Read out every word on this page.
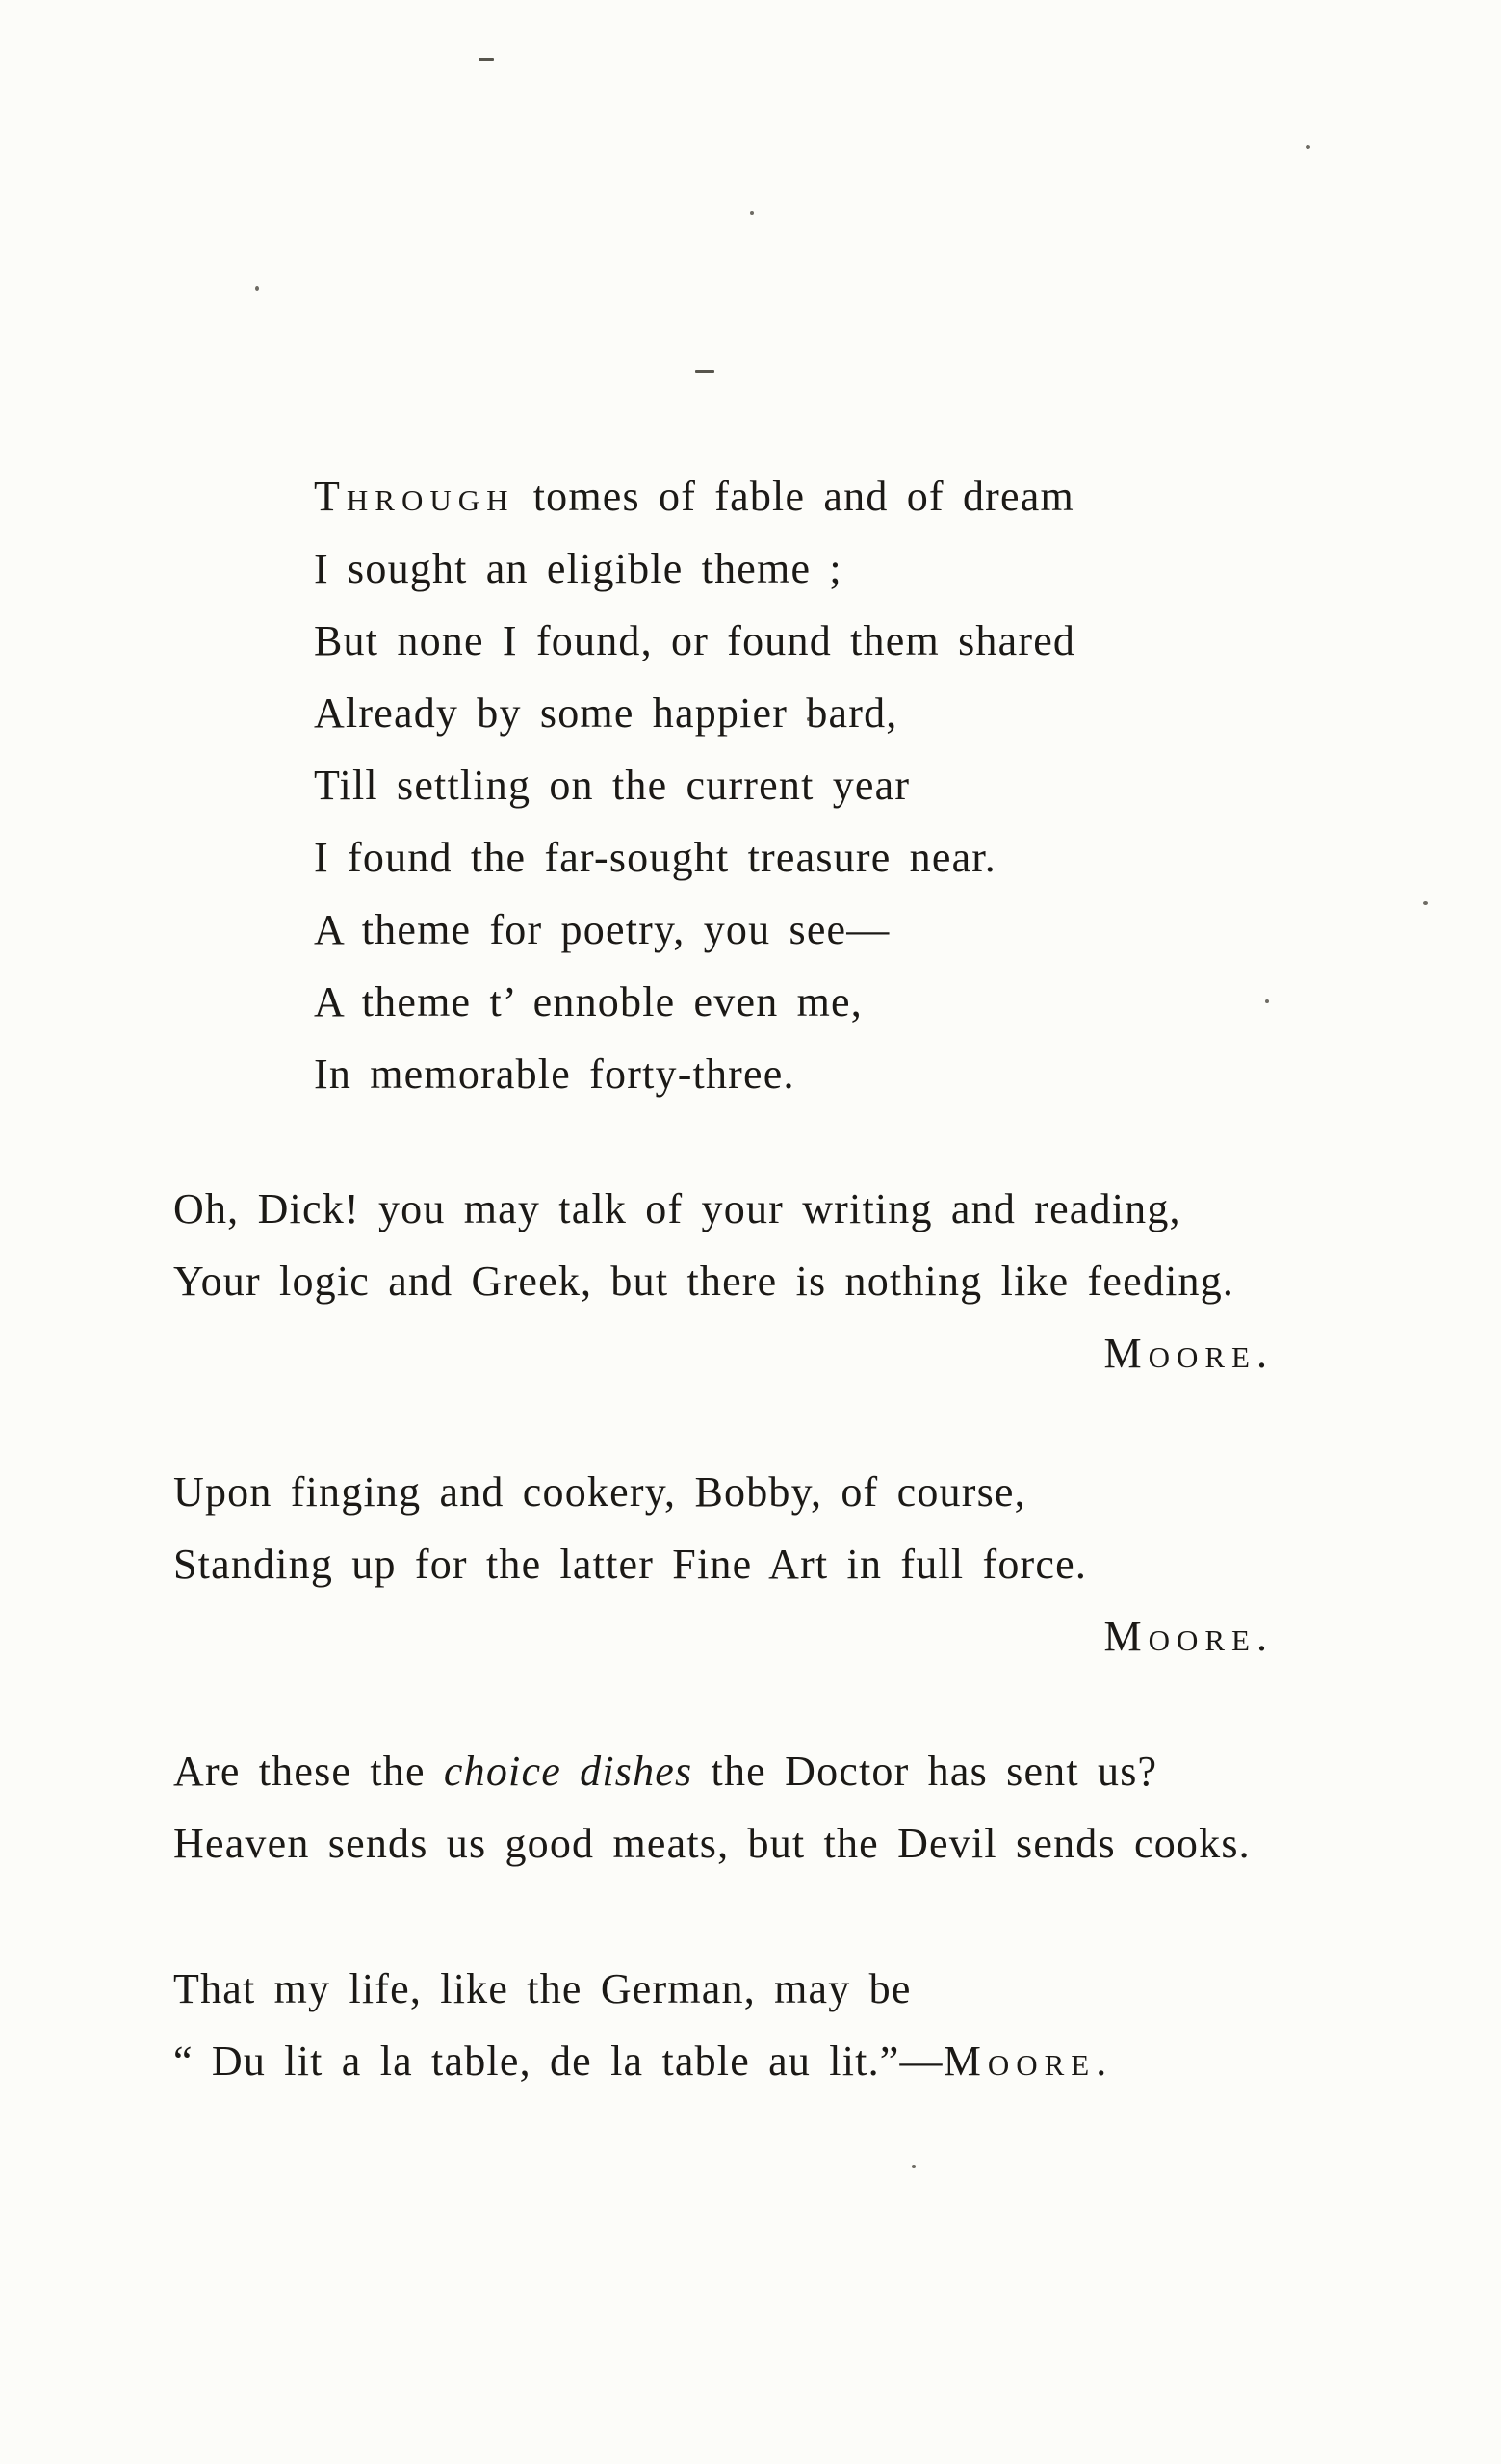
Through tomes of fable and of dream
I sought an eligible theme ;
But none I found, or found them shared
Already by some happier bard,
Till settling on the current year
I found the far-sought treasure near.
A theme for poetry, you see—
A theme t’ ennoble even me,
In memorable forty-three.
Oh, Dick! you may talk of your writing and reading,
Your logic and Greek, but there is nothing like feeding.
Moore.
Upon finging and cookery, Bobby, of course,
Standing up for the latter Fine Art in full force.
Moore.
Are these the choice dishes the Doctor has sent us?
Heaven sends us good meats, but the Devil sends cooks.
That my life, like the German, may be
“ Du lit a la table, de la table au lit.”—Moore.
